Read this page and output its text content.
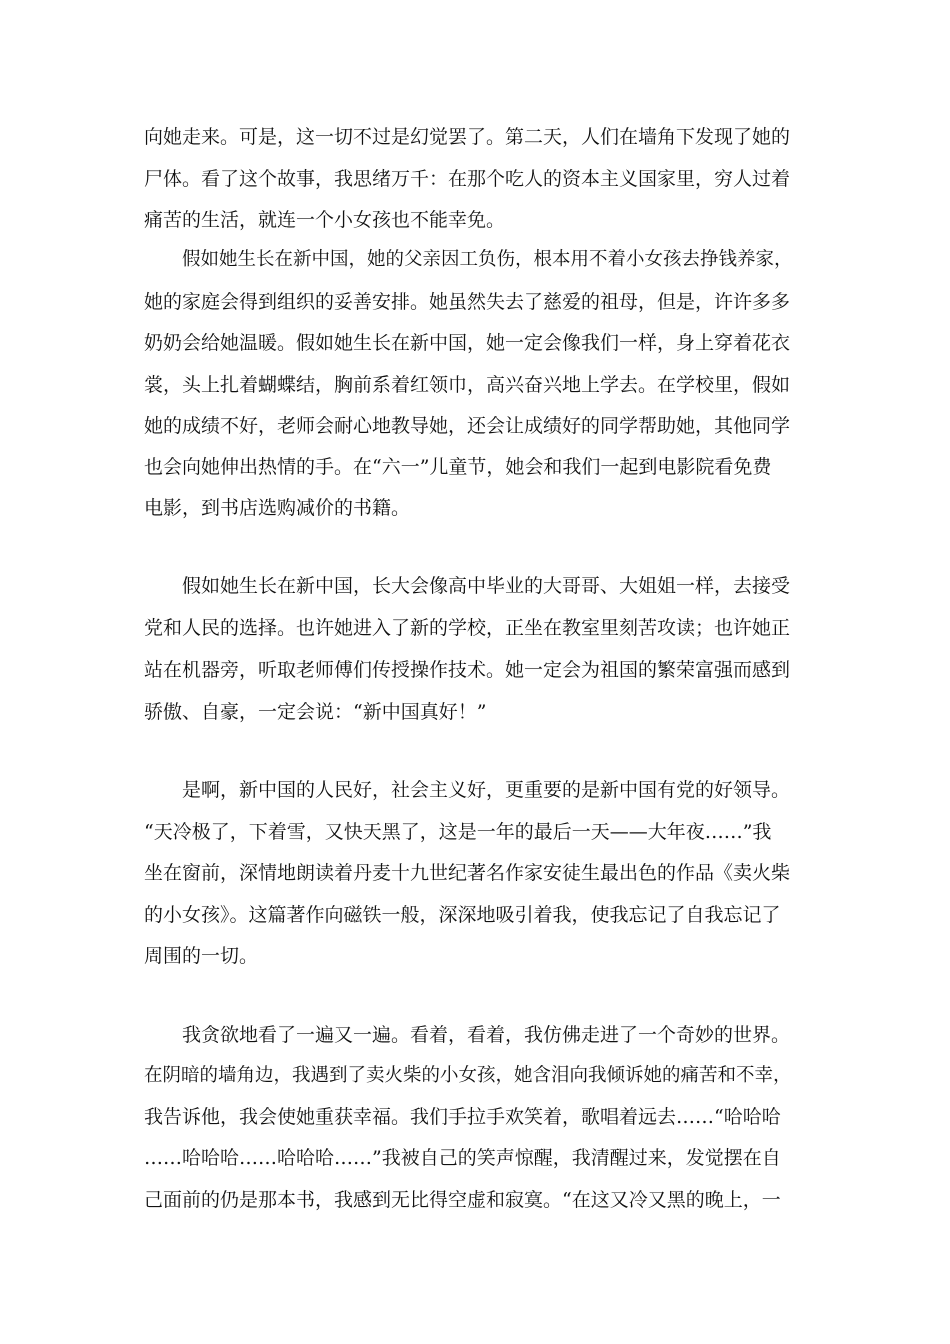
向她走来。可是，这一切不过是幻觉罢了。第二天，人们在墙角下发现了她的
尸体。看了这个故事，我思绪万千：在那个吃人的资本主义国家里，穷人过着
痛苦的生活，就连一个小女孩也不能幸免。
假如她生长在新中国，她的父亲因工负伤，根本用不着小女孩去挣钱养家，
她的家庭会得到组织的妥善安排。她虽然失去了慈爱的祖母，但是，许许多多
奶奶会给她温暖。假如她生长在新中国，她一定会像我们一样，身上穿着花衣
裳，头上扎着蝴蝶结，胸前系着红领巾，高兴奋兴地上学去。在学校里，假如
她的成绩不好，老师会耐心地教导她，还会让成绩好的同学帮助她，其他同学
也会向她伸出热情的手。在“六一”儿童节，她会和我们一起到电影院看免费
电影，到书店选购减价的书籍。
假如她生长在新中国，长大会像高中毕业的大哥哥、大姐姐一样，去接受
党和人民的选择。也许她进入了新的学校，正坐在教室里刻苦攻读；也许她正
站在机器旁，听取老师傅们传授操作技术。她一定会为祖国的繁荣富强而感到
骄傲、自豪，一定会说：“新中国真好！”
是啊，新中国的人民好，社会主义好，更重要的是新中国有党的好领导。
“天冷极了，下着雪，又快天黑了，这是一年的最后一天——大年夜……”我
坐在窗前，深情地朗读着丹麦十九世纪著名作家安徒生最出色的作品《卖火柴
的小女孩》。这篇著作向磁铁一般，深深地吸引着我，使我忘记了自我忘记了
周围的一切。
我贪欲地看了一遍又一遍。看着，看着，我仿佛走进了一个奇妙的世界。
在阴暗的墙角边，我遇到了卖火柴的小女孩，她含泪向我倾诉她的痛苦和不幸，
我告诉他，我会使她重获幸福。我们手拉手欢笑着，歌唱着远去……“哈哈哈
……哈哈哈……哈哈哈……”我被自己的笑声惊醒，我清醒过来，发觉摆在自
己面前的仍是那本书，我感到无比得空虚和寂寞。“在这又冷又黑的晚上，一
